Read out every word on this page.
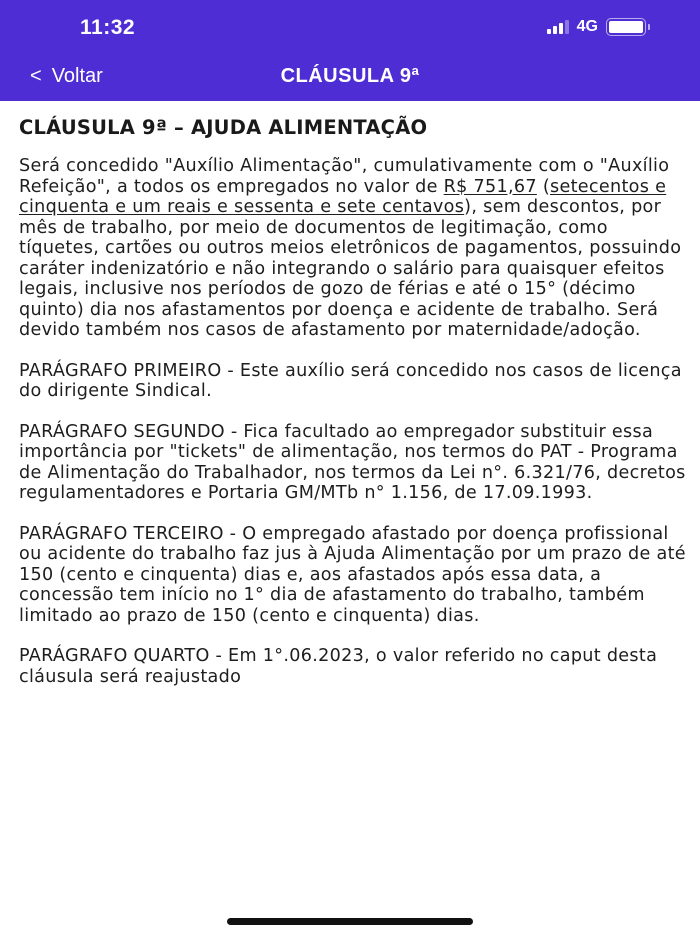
11:32	4G
< Voltar	CLÁUSULA 9ª
CLÁUSULA 9ª – AJUDA ALIMENTAÇÃO

Será concedido "Auxílio Alimentação", cumulativamente com o "Auxílio Refeição", a todos os empregados no valor de R$ 751,67 (setecentos e cinquenta e um reais e sessenta e sete centavos), sem descontos, por mês de trabalho, por meio de documentos de legitimação, como tíquetes, cartões ou outros meios eletrônicos de pagamentos, possuindo caráter indenizatório e não integrando o salário para quaisquer efeitos legais, inclusive nos períodos de gozo de férias e até o 15° (décimo quinto) dia nos afastamentos por doença e acidente de trabalho. Será devido também nos casos de afastamento por maternidade/adoção.

PARÁGRAFO PRIMEIRO - Este auxílio será concedido nos casos de licença do dirigente Sindical.

PARÁGRAFO SEGUNDO - Fica facultado ao empregador substituir essa importância por "tickets" de alimentação, nos termos do PAT - Programa de Alimentação do Trabalhador, nos termos da Lei n°. 6.321/76, decretos regulamentadores e Portaria GM/MTb n° 1.156, de 17.09.1993.

PARÁGRAFO TERCEIRO - O empregado afastado por doença profissional ou acidente do trabalho faz jus à Ajuda Alimentação por um prazo de até 150 (cento e cinquenta) dias e, aos afastados após essa data, a concessão tem início no 1° dia de afastamento do trabalho, também limitado ao prazo de 150 (cento e cinquenta) dias.

PARÁGRAFO QUARTO - Em 1°.06.2023, o valor referido no caput desta cláusula será reajustado
